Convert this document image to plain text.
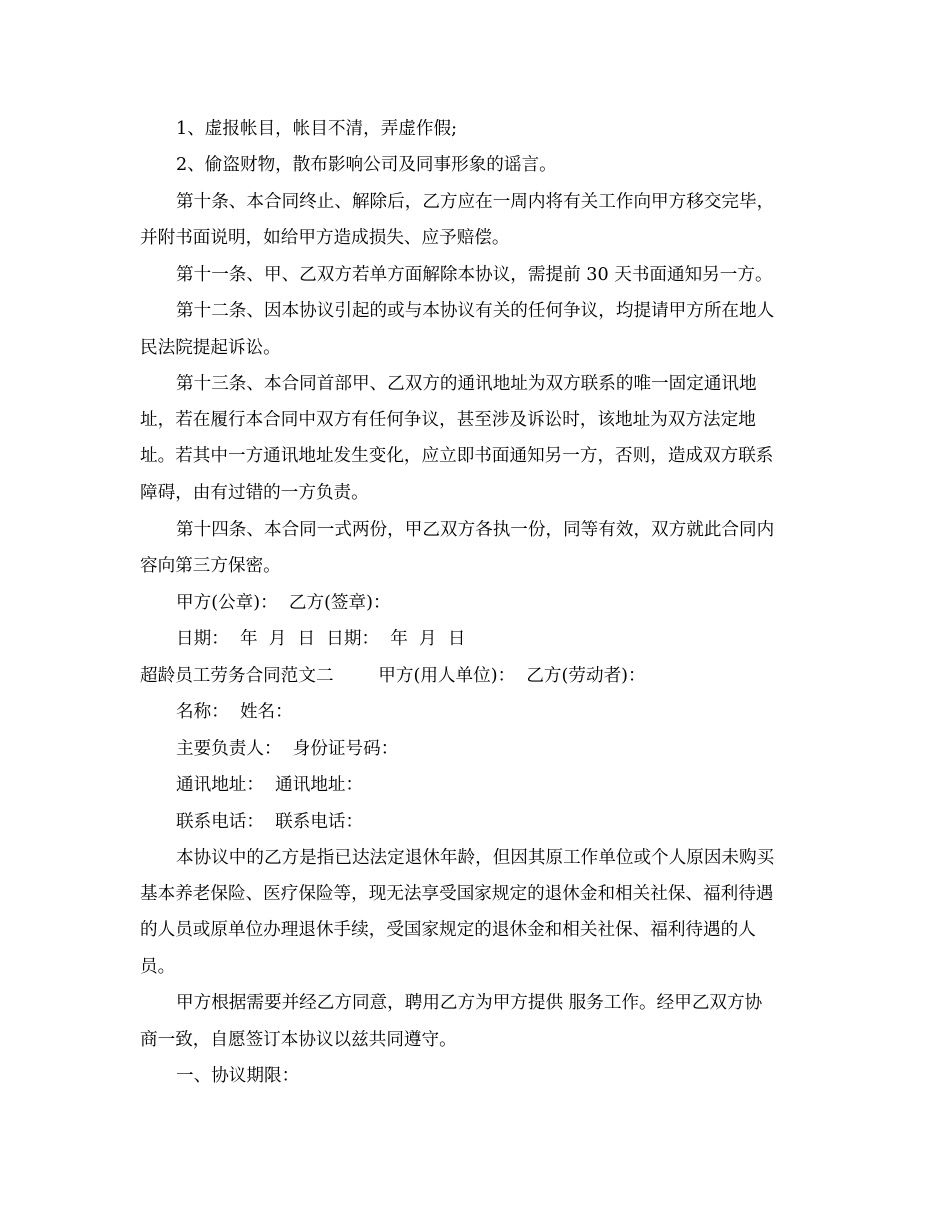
1、虚报帐目，帐目不清，弄虚作假;
2、偷盗财物，散布影响公司及同事形象的谣言。
第十条、本合同终止、解除后，乙方应在一周内将有关工作向甲方移交完毕，
并附书面说明，如给甲方造成损失、应予赔偿。
第十一条、甲、乙双方若单方面解除本协议，需提前 30 天书面通知另一方。
第十二条、因本协议引起的或与本协议有关的任何争议，均提请甲方所在地人
民法院提起诉讼。
第十三条、本合同首部甲、乙双方的通讯地址为双方联系的唯一固定通讯地
址，若在履行本合同中双方有任何争议，甚至涉及诉讼时，该地址为双方法定地
址。若其中一方通讯地址发生变化，应立即书面通知另一方，否则，造成双方联系
障碍，由有过错的一方负责。
第十四条、本合同一式两份，甲乙双方各执一份，同等有效，双方就此合同内
容向第三方保密。
甲方(公章)：  乙方(签章)：
日期：  年  月  日  日期：  年  月  日
超龄员工劳务合同范文二        甲方(用人单位)：  乙方(劳动者)：
名称：  姓名：
主要负责人：  身份证号码：
通讯地址：  通讯地址：
联系电话：  联系电话：
本协议中的乙方是指已达法定退休年龄，但因其原工作单位或个人原因未购买
基本养老保险、医疗保险等，现无法享受国家规定的退休金和相关社保、福利待遇
的人员或原单位办理退休手续，受国家规定的退休金和相关社保、福利待遇的人
员。
甲方根据需要并经乙方同意，聘用乙方为甲方提供 服务工作。经甲乙双方协
商一致，自愿签订本协议以兹共同遵守。
一、协议期限：
